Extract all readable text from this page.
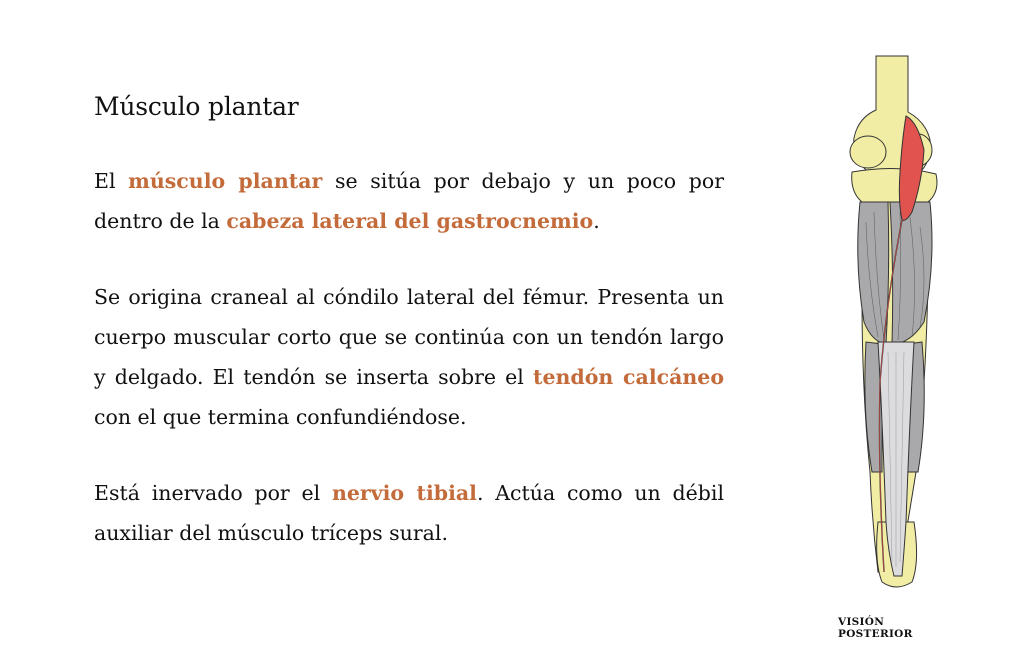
Músculo plantar

El músculo plantar se sitúa por debajo y un poco por dentro de la cabeza lateral del gastrocnemio.

Se origina craneal al cóndilo lateral del fémur. Presenta un cuerpo muscular corto que se continúa con un tendón largo y delgado. El tendón se inserta sobre el tendón calcáneo con el que termina confundiéndose.

Está inervado por el nervio tibial. Actúa como un débil auxiliar del músculo tríceps sural.

VISIÓN POSTERIOR
